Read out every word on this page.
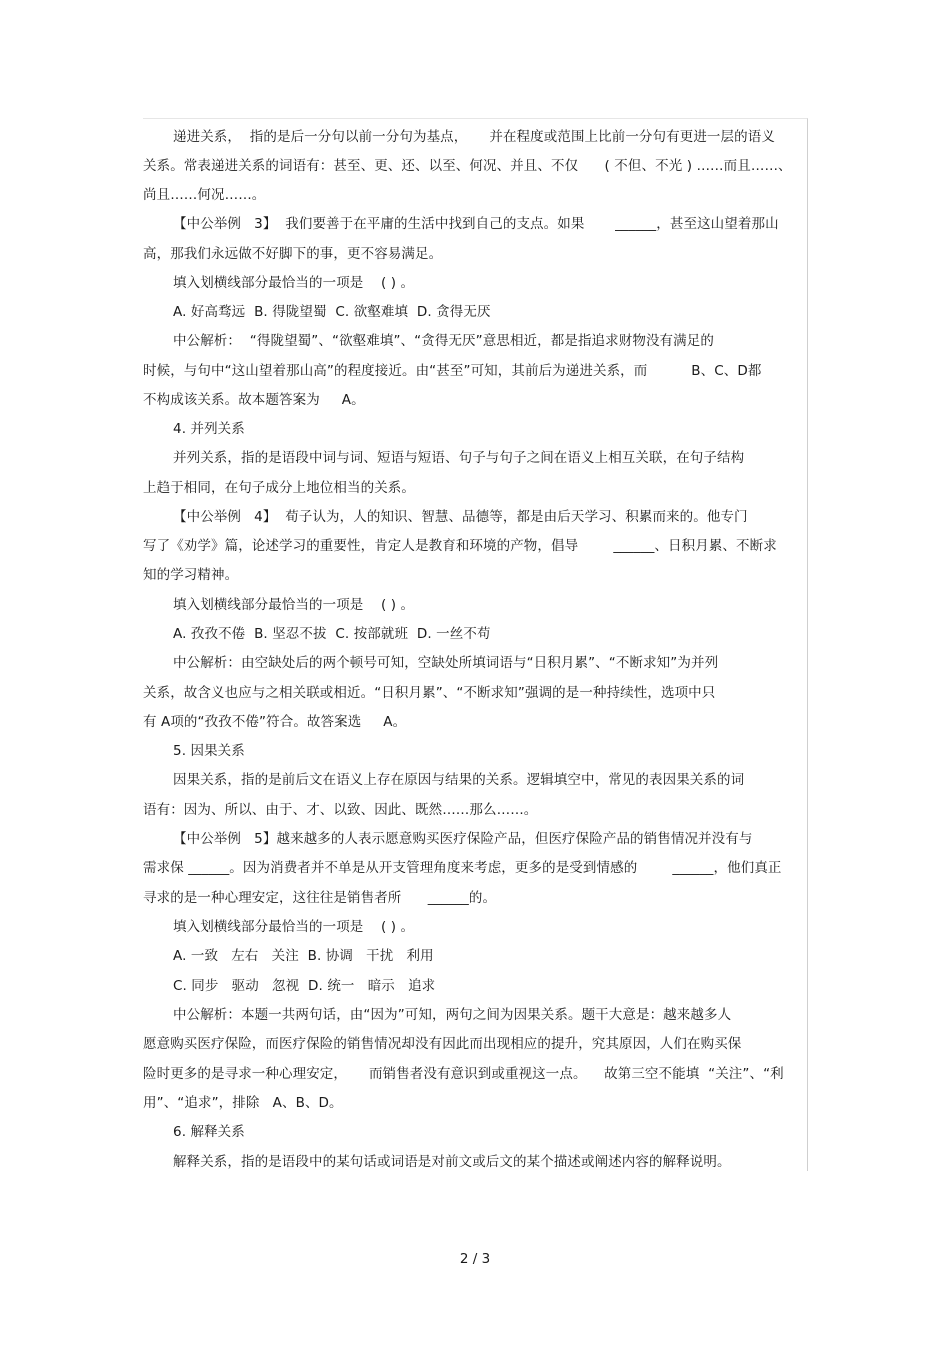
递进关系，  指的是后一分句以前一分句为基点，     并在程度或范围上比前一分句有更进一层的语义
关系。常表递进关系的词语有：甚至、更、还、以至、何况、并且、不仅      ( 不但、不光 ) ……而且……、
尚且……何况……。
【中公举例   3】  我们要善于在平庸的生活中找到自己的支点。如果       ______，甚至这山望着那山
高，那我们永远做不好脚下的事，更不容易满足。
填入划横线部分最恰当的一项是    ( ) 。
A. 好高骛远  B. 得陇望蜀  C. 欲壑难填  D. 贪得无厌
中公解析：  “得陇望蜀”、“欲壑难填”、“贪得无厌”意思相近，都是指追求财物没有满足的
时候，与句中“这山望着那山高”的程度接近。由“甚至”可知，其前后为递进关系，而          B、C、D都
不构成该关系。故本题答案为     A。
4. 并列关系
并列关系，指的是语段中词与词、短语与短语、句子与句子之间在语义上相互关联，在句子结构
上趋于相同，在句子成分上地位相当的关系。
【中公举例   4】  荀子认为，人的知识、智慧、品德等，都是由后天学习、积累而来的。他专门
写了《劝学》篇，论述学习的重要性，肯定人是教育和环境的产物，倡导        ______、日积月累、不断求
知的学习精神。
填入划横线部分最恰当的一项是    ( ) 。
A. 孜孜不倦  B. 坚忍不拔  C. 按部就班  D. 一丝不苟
中公解析：由空缺处后的两个顿号可知，空缺处所填词语与“日积月累”、“不断求知”为并列
关系，故含义也应与之相关联或相近。“日积月累”、“不断求知”强调的是一种持续性，选项中只
有 A项的“孜孜不倦”符合。故答案选     A。
5. 因果关系
因果关系，指的是前后文在语义上存在原因与结果的关系。逻辑填空中，常见的表因果关系的词
语有：因为、所以、由于、才、以致、因此、既然……那么……。
【中公举例   5】越来越多的人表示愿意购买医疗保险产品，但医疗保险产品的销售情况并没有与
需求保 ______。因为消费者并不单是从开支管理角度来考虑，更多的是受到情感的        ______，他们真正
寻求的是一种心理安定，这往往是销售者所      ______的。
填入划横线部分最恰当的一项是    ( ) 。
A. 一致   左右   关注  B. 协调   干扰   利用
C. 同步   驱动   忽视  D. 统一   暗示   追求
中公解析：本题一共两句话，由“因为”可知，两句之间为因果关系。题干大意是：越来越多人
愿意购买医疗保险，而医疗保险的销售情况却没有因此而出现相应的提升，究其原因，人们在购买保
险时更多的是寻求一种心理安定，     而销售者没有意识到或重视这一点。    故第三空不能填  “关注”、“利
用”、“追求”，排除   A、B、D。
6. 解释关系
解释关系，指的是语段中的某句话或词语是对前文或后文的某个描述或阐述内容的解释说明。
2 / 3
